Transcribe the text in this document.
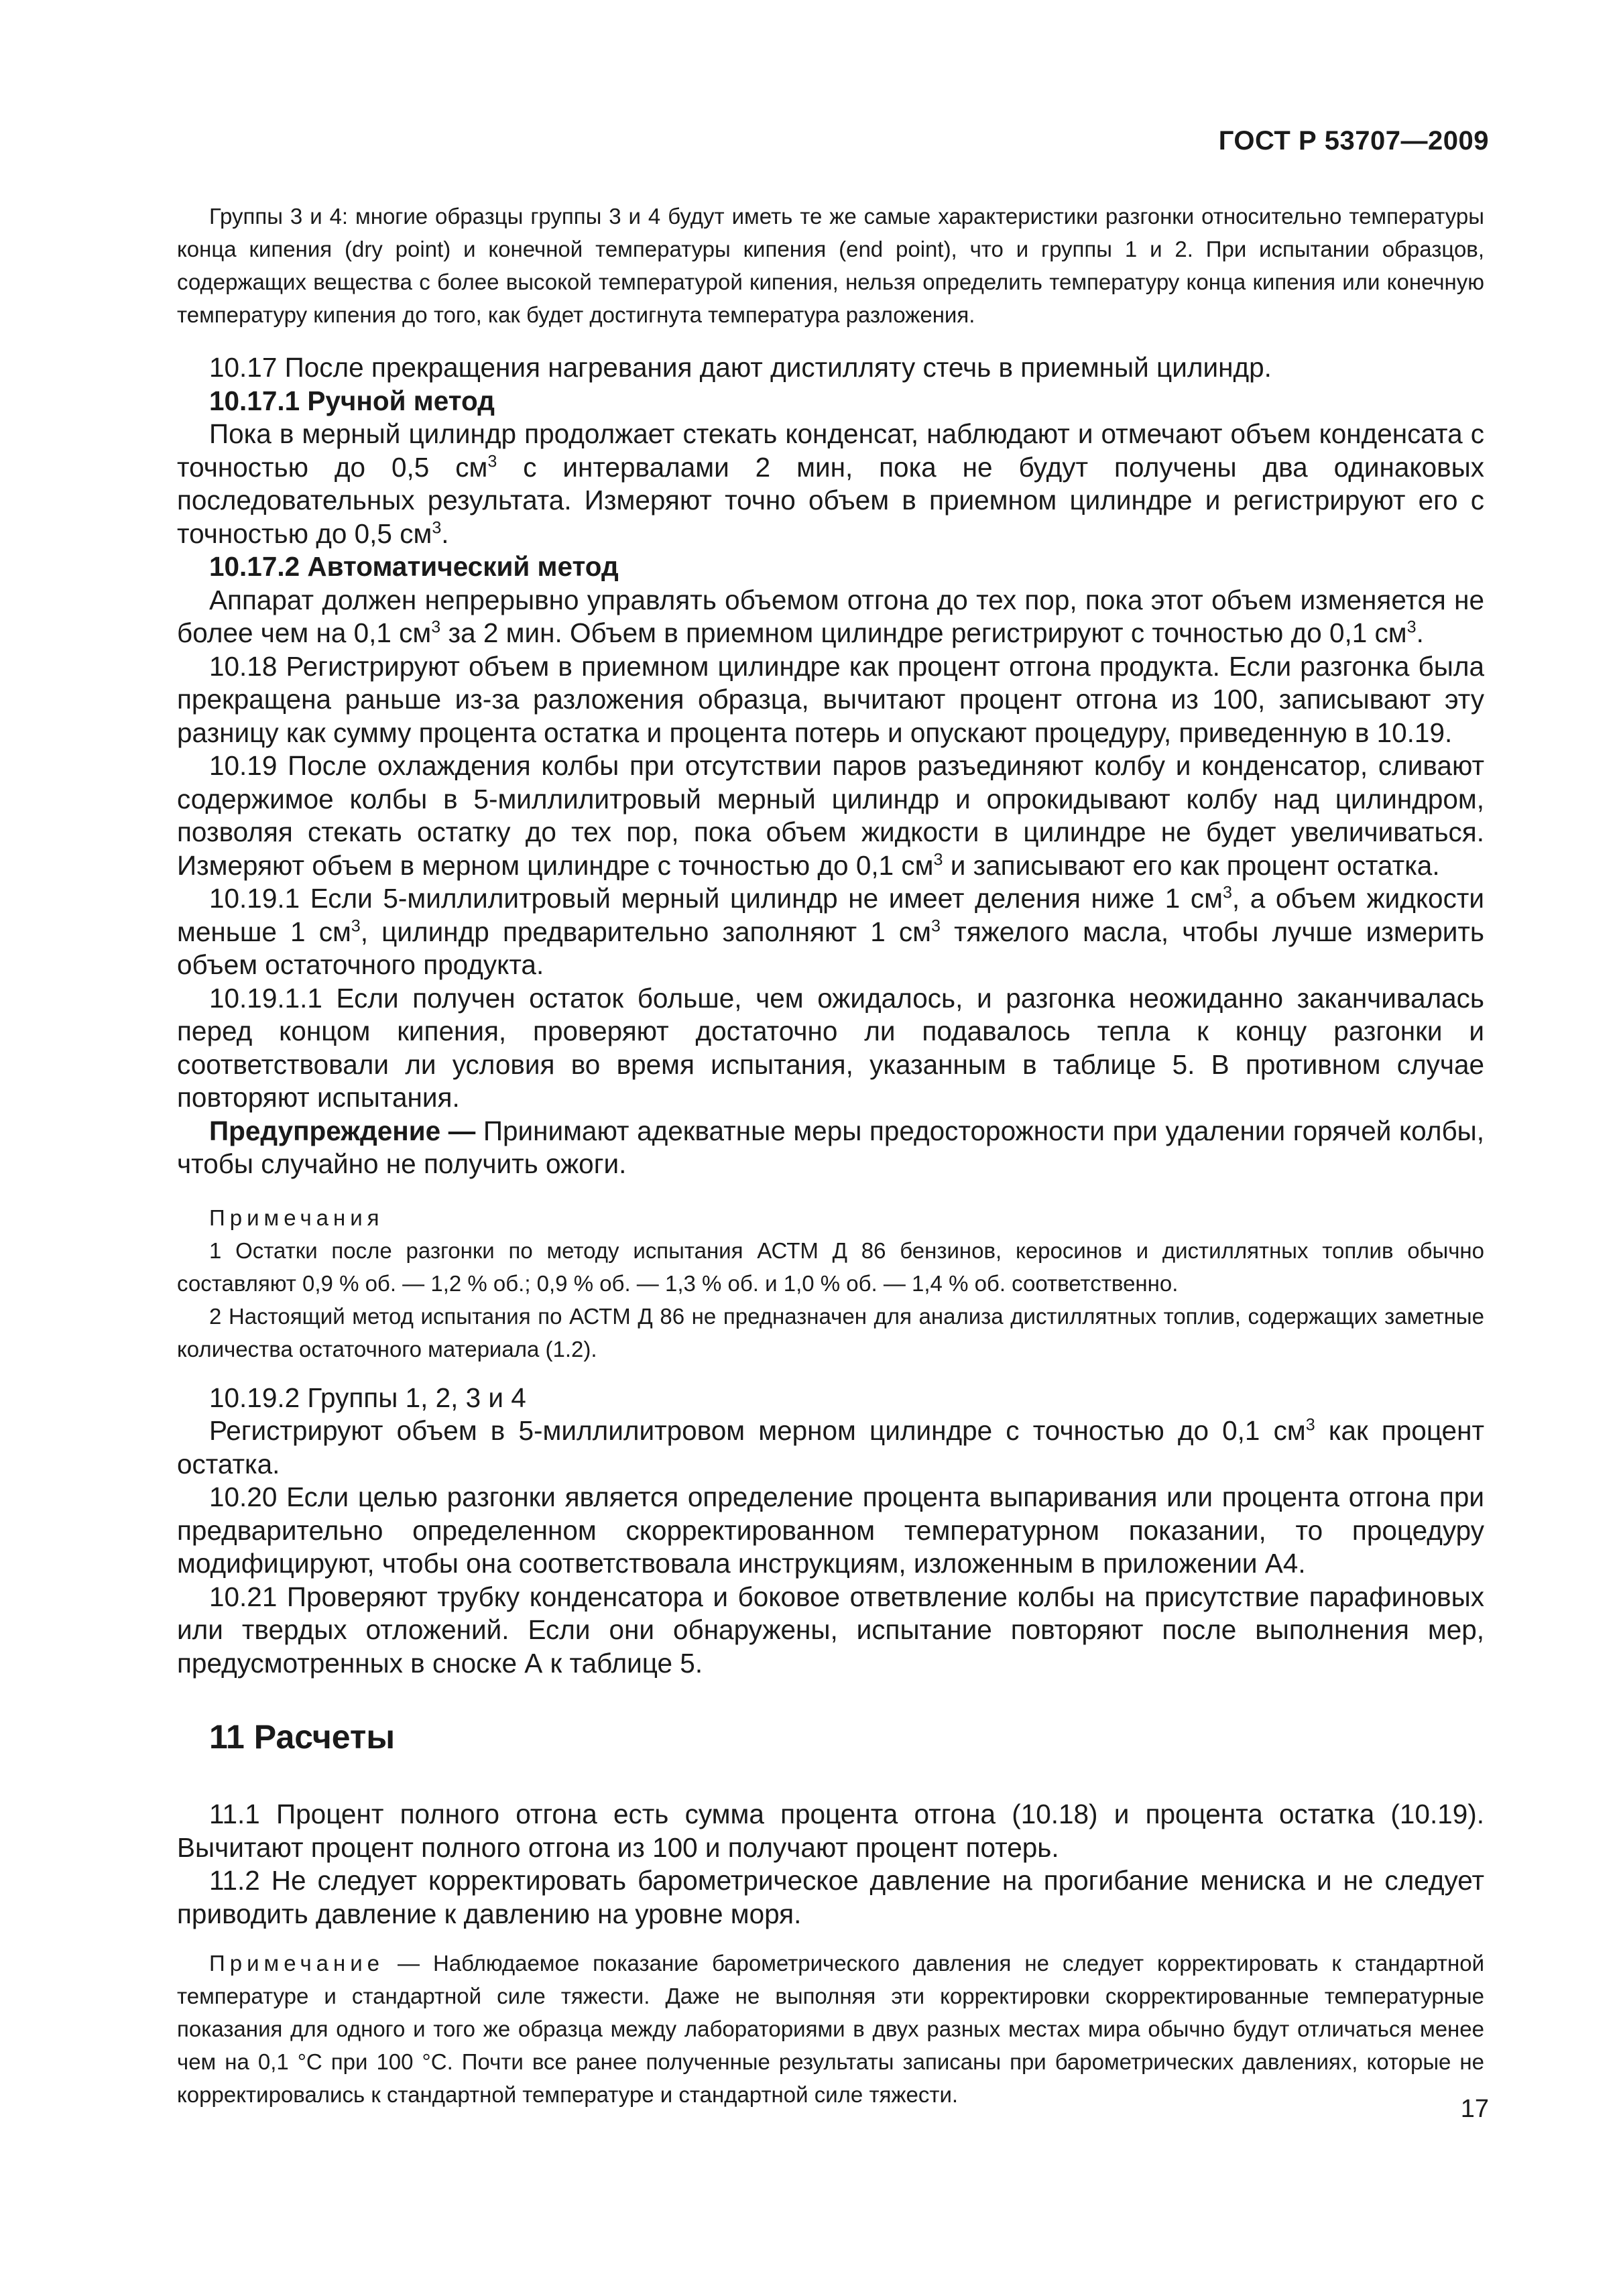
ГОСТ Р 53707—2009

Группы 3 и 4: многие образцы группы 3 и 4 будут иметь те же самые характеристики разгонки относительно температуры конца кипения (dry point) и конечной температуры кипения (end point), что и группы 1 и 2. При испытании образцов, содержащих вещества с более высокой температурой кипения, нельзя определить температуру конца кипения или конечную температуру кипения до того, как будет достигнута температура разложения.

10.17 После прекращения нагревания дают дистилляту стечь в приемный цилиндр.

10.17.1 Ручной метод

Пока в мерный цилиндр продолжает стекать конденсат, наблюдают и отмечают объем конденсата с точностью до 0,5 $см^3$ с интервалами 2 мин, пока не будут получены два одинаковых последовательных результата. Измеряют точно объем в приемном цилиндре и регистрируют его с точностью до 0,5 $см^3$.

10.17.2 Автоматический метод

Аппарат должен непрерывно управлять объемом отгона до тех пор, пока этот объем изменяется не более чем на 0,1 $см^3$ за 2 мин. Объем в приемном цилиндре регистрируют с точностью до 0,1 $см^3$.

10.18 Регистрируют объем в приемном цилиндре как процент отгона продукта. Если разгонка была прекращена раньше из-за разложения образца, вычитают процент отгона из 100, записывают эту разницу как сумму процента остатка и процента потерь и опускают процедуру, приведенную в 10.19.

10.19 После охлаждения колбы при отсутствии паров разъединяют колбу и конденсатор, сливают содержимое колбы в 5-миллилитровый мерный цилиндр и опрокидывают колбу над цилиндром, позволяя стекать остатку до тех пор, пока объем жидкости в цилиндре не будет увеличиваться. Измеряют объем в мерном цилиндре с точностью до 0,1 $см^3$ и записывают его как процент остатка.

10.19.1 Если 5-миллилитровый мерный цилиндр не имеет деления ниже 1 $см^3$, а объем жидкости меньше 1 $см^3$, цилиндр предварительно заполняют 1 $см^3$ тяжелого масла, чтобы лучше измерить объем остаточного продукта.

10.19.1.1 Если получен остаток больше, чем ожидалось, и разгонка неожиданно заканчивалась перед концом кипения, проверяют достаточно ли подавалось тепла к концу разгонки и соответствовали ли условия во время испытания, указанным в таблице 5. В противном случае повторяют испытания.

Предупреждение — Принимают адекватные меры предосторожности при удалении горячей колбы, чтобы случайно не получить ожоги.

Примечания

1 Остатки после разгонки по методу испытания АСТМ Д 86 бензинов, керосинов и дистиллятных топлив обычно составляют 0,9 % об. — 1,2 % об.; 0,9 % об. — 1,3 % об. и 1,0 % об. — 1,4 % об. соответственно.

2 Настоящий метод испытания по АСТМ Д 86 не предназначен для анализа дистиллятных топлив, содержащих заметные количества остаточного материала (1.2).

10.19.2 Группы 1, 2, 3 и 4

Регистрируют объем в 5-миллилитровом мерном цилиндре с точностью до 0,1 $см^3$ как процент остатка.

10.20 Если целью разгонки является определение процента выпаривания или процента отгона при предварительно определенном скорректированном температурном показании, то процедуру модифицируют, чтобы она соответствовала инструкциям, изложенным в приложении А4.

10.21 Проверяют трубку конденсатора и боковое ответвление колбы на присутствие парафиновых или твердых отложений. Если они обнаружены, испытание повторяют после выполнения мер, предусмотренных в сноске А к таблице 5.

11 Расчеты

11.1 Процент полного отгона есть сумма процента отгона (10.18) и процента остатка (10.19). Вычитают процент полного отгона из 100 и получают процент потерь.

11.2 Не следует корректировать барометрическое давление на прогибание мениска и не следует приводить давление к давлению на уровне моря.

Примечание — Наблюдаемое показание барометрического давления не следует корректировать к стандартной температуре и стандартной силе тяжести. Даже не выполняя эти корректировки скорректированные температурные показания для одного и того же образца между лабораториями в двух разных местах мира обычно будут отличаться менее чем на 0,1 °С при 100 °С. Почти все ранее полученные результаты записаны при барометрических давлениях, которые не корректировались к стандартной температуре и стандартной силе тяжести.

17
